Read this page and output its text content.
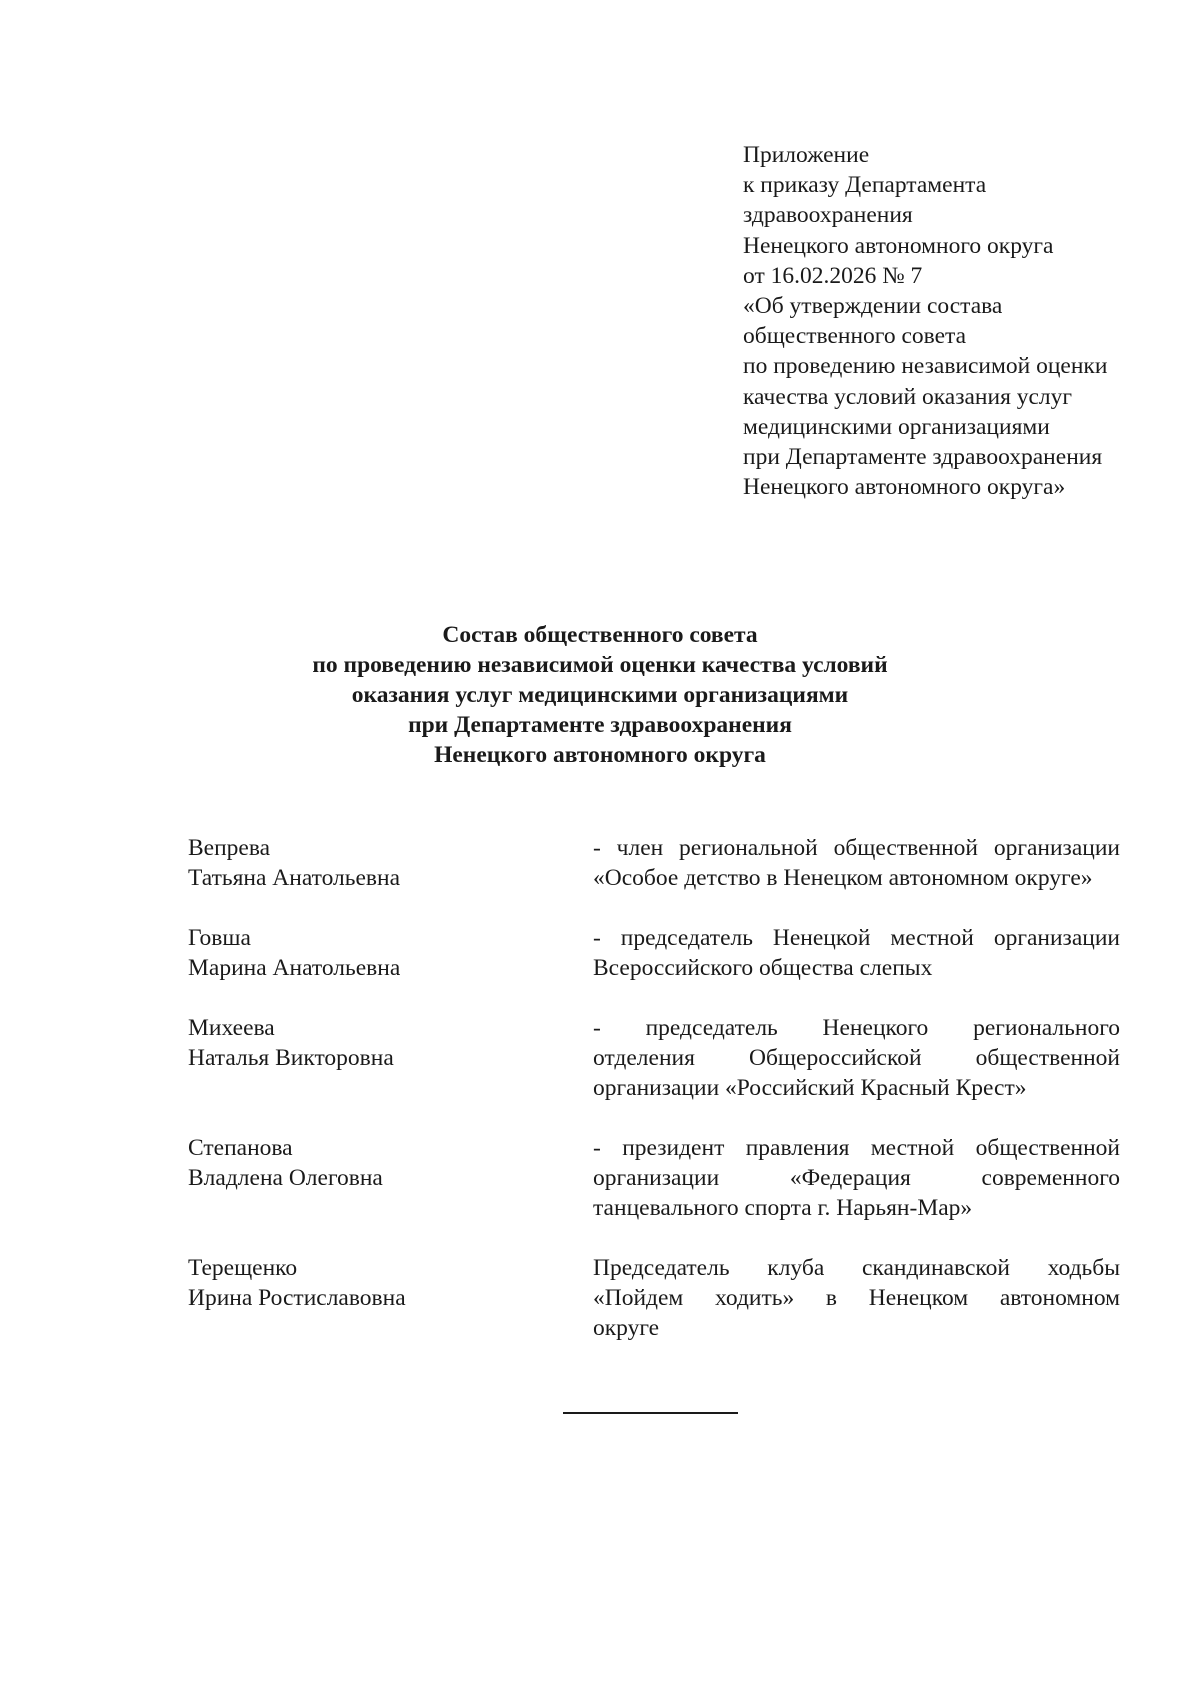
Приложение
к приказу Департамента
здравоохранения
Ненецкого автономного округа
от 16.02.2026 № 7
«Об утверждении состава
общественного совета
по проведению независимой оценки
качества условий оказания услуг
медицинскими организациями
при Департаменте здравоохранения
Ненецкого автономного округа»
Состав общественного совета
по проведению независимой оценки качества условий
оказания услуг медицинскими организациями
при Департаменте здравоохранения
Ненецкого автономного округа
Вепрева
Татьяна Анатольевна
- член региональной общественной организации
«Особое детство в Ненецком автономном округе»
Говша
Марина Анатольевна
- председатель Ненецкой местной организации
Всероссийского общества слепых
Михеева
Наталья Викторовна
- председатель Ненецкого регионального
отделения Общероссийской общественной
организации «Российский Красный Крест»
Степанова
Владлена Олеговна
- президент правления местной общественной
организации «Федерация современного
танцевального спорта г. Нарьян-Мар»
Терещенко
Ирина Ростиславовна
Председатель клуба скандинавской ходьбы
«Пойдем ходить» в Ненецком автономном
округе
